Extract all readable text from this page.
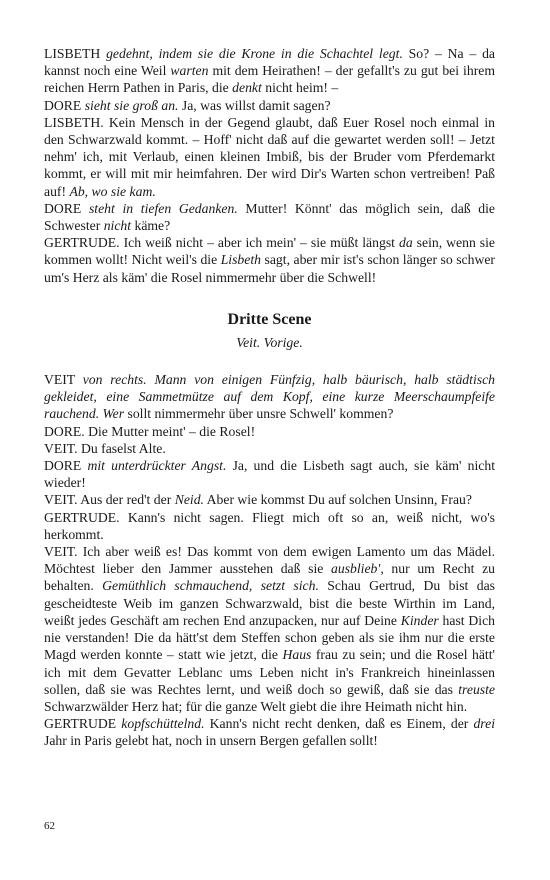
LISBETH gedehnt, indem sie die Krone in die Schachtel legt. So? – Na – da kannst noch eine Weil warten mit dem Heirathen! – der gefallt's zu gut bei ihrem reichen Herrn Pathen in Paris, die denkt nicht heim! –

DORE sieht sie groß an. Ja, was willst damit sagen?

LISBETH. Kein Mensch in der Gegend glaubt, daß Euer Rosel noch einmal in den Schwarzwald kommt. – Hoff' nicht daß auf die gewartet werden soll! – Jetzt nehm' ich, mit Verlaub, einen kleinen Imbiß, bis der Bruder vom Pferdemarkt kommt, er will mit mir heimfahren. Der wird Dir's Warten schon vertreiben! Paß auf! Ab, wo sie kam.

DORE steht in tiefen Gedanken. Mutter! Könnt' das möglich sein, daß die Schwester nicht käme?

GERTRUDE. Ich weiß nicht – aber ich mein' – sie müßt längst da sein, wenn sie kommen wollt! Nicht weil's die Lisbeth sagt, aber mir ist's schon länger so schwer um's Herz als käm' die Rosel nimmermehr über die Schwell!

Dritte Scene

Veit. Vorige.

VEIT von rechts. Mann von einigen Fünfzig, halb bäurisch, halb städtisch gekleidet, eine Sammetmütze auf dem Kopf, eine kurze Meerschaumpfeife rauchend. Wer sollt nimmermehr über unsre Schwell' kommen?

DORE. Die Mutter meint' – die Rosel!

VEIT. Du faselst Alte.

DORE mit unterdrückter Angst. Ja, und die Lisbeth sagt auch, sie käm' nicht wieder!

VEIT. Aus der red't der Neid. Aber wie kommst Du auf solchen Unsinn, Frau?

GERTRUDE. Kann's nicht sagen. Fliegt mich oft so an, weiß nicht, wo's herkommt.

VEIT. Ich aber weiß es! Das kommt von dem ewigen Lamento um das Mädel. Möchtest lieber den Jammer ausstehen daß sie ausblieb', nur um Recht zu behalten. Gemüthlich schmauchend, setzt sich. Schau Gertrud, Du bist das gescheidteste Weib im ganzen Schwarzwald, bist die beste Wirthin im Land, weißt jedes Geschäft am rechen End anzupacken, nur auf Deine Kinder hast Dich nie verstanden! Die da hätt'st dem Steffen schon geben als sie ihm nur die erste Magd werden konnte – statt wie jetzt, die Haus frau zu sein; und die Rosel hätt' ich mit dem Gevatter Leblanc ums Leben nicht in's Frankreich hineinlassen sollen, daß sie was Rechtes lernt, und weiß doch so gewiß, daß sie das treuste Schwarzwälder Herz hat; für die ganze Welt giebt die ihre Heimath nicht hin.

GERTRUDE kopfschüttelnd. Kann's nicht recht denken, daß es Einem, der drei Jahr in Paris gelebt hat, noch in unsern Bergen gefallen sollt!

62
